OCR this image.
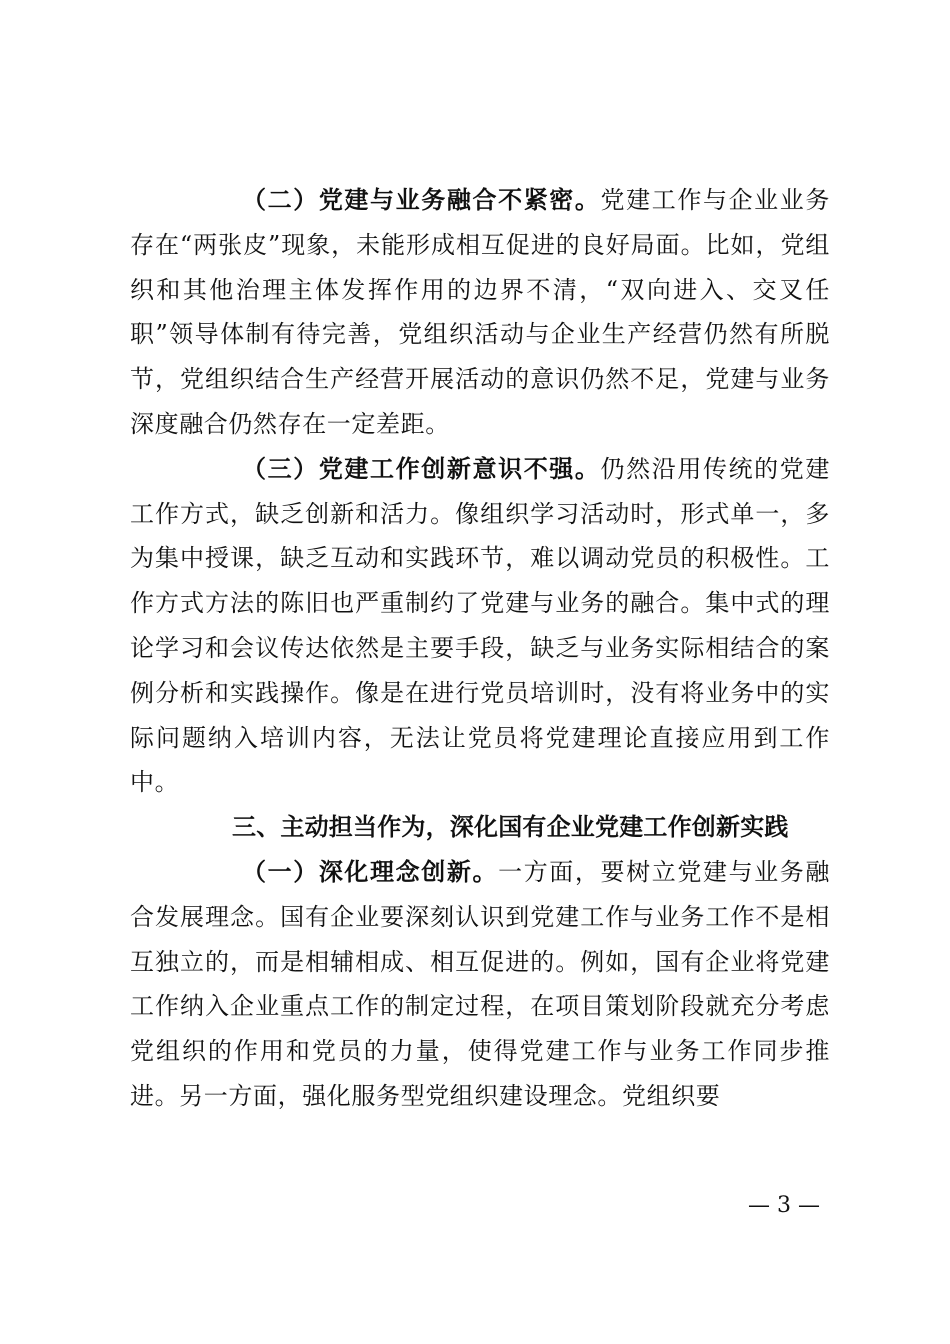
（二）党建与业务融合不紧密。党建工作与企业业务存在“两张皮”现象，未能形成相互促进的良好局面。比如，党组织和其他治理主体发挥作用的边界不清，“双向进入、交叉任职”领导体制有待完善，党组织活动与企业生产经营仍然有所脱节，党组织结合生产经营开展活动的意识仍然不足，党建与业务深度融合仍然存在一定差距。

（三）党建工作创新意识不强。仍然沿用传统的党建工作方式，缺乏创新和活力。像组织学习活动时，形式单一，多为集中授课，缺乏互动和实践环节，难以调动党员的积极性。工作方式方法的陈旧也严重制约了党建与业务的融合。集中式的理论学习和会议传达依然是主要手段，缺乏与业务实际相结合的案例分析和实践操作。像是在进行党员培训时，没有将业务中的实际问题纳入培训内容，无法让党员将党建理论直接应用到工作中。

三、主动担当作为，深化国有企业党建工作创新实践

（一）深化理念创新。一方面，要树立党建与业务融合发展理念。国有企业要深刻认识到党建工作与业务工作不是相互独立的，而是相辅相成、相互促进的。例如，国有企业将党建工作纳入企业重点工作的制定过程，在项目策划阶段就充分考虑党组织的作用和党员的力量，使得党建工作与业务工作同步推进。另一方面，强化服务型党组织建设理念。党组织要

— 3 —
